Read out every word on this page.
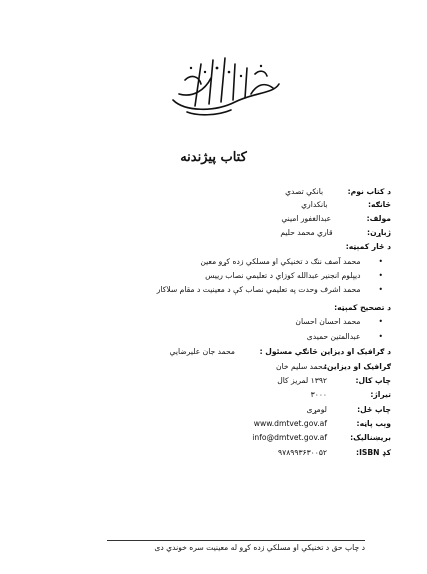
کتاب پیژندنه
د کتاب نوم: بانکي تصدي
څانګه: بانکداري
مولف: عبدالغفور امیني
ژباړن: قاري محمد حلیم
د ځار کمېټه:
•محمد آصف ننګ د تخنیکي او مسلکي زده کړو معین
•دیپلوم انجنیر عبدالله کوزاي د تعلیمي نصاب رییس
•محمد اشرف وحدت په تعلیمي نصاب کې د معینیت د مقام سلاکار
د تصحیح کمېټه:
•محمد احسان احسان
•عبدالمتین حمیدی
د ګرافیک او دیزاین څانګي مسئول :
محمد جان علیرضایي
ګرافیک او دیزاین:
محمد سلیم خان
چاپ کال:
۱۳۹۲ لمریز کال
تیراژ:
۳۰۰۰
چاپ ځل:
لومړی
وېب پاڼه:
www.dmtvet.gov.af
بریښنالیک:
info@dmtvet.gov.af
کډ ISBN:
۹۷۸۹۹۳۶۳۰۰۵۲
د چاپ حق د تخنیکي او مسلکي زده کړو له معینیت سره خوندي دی
